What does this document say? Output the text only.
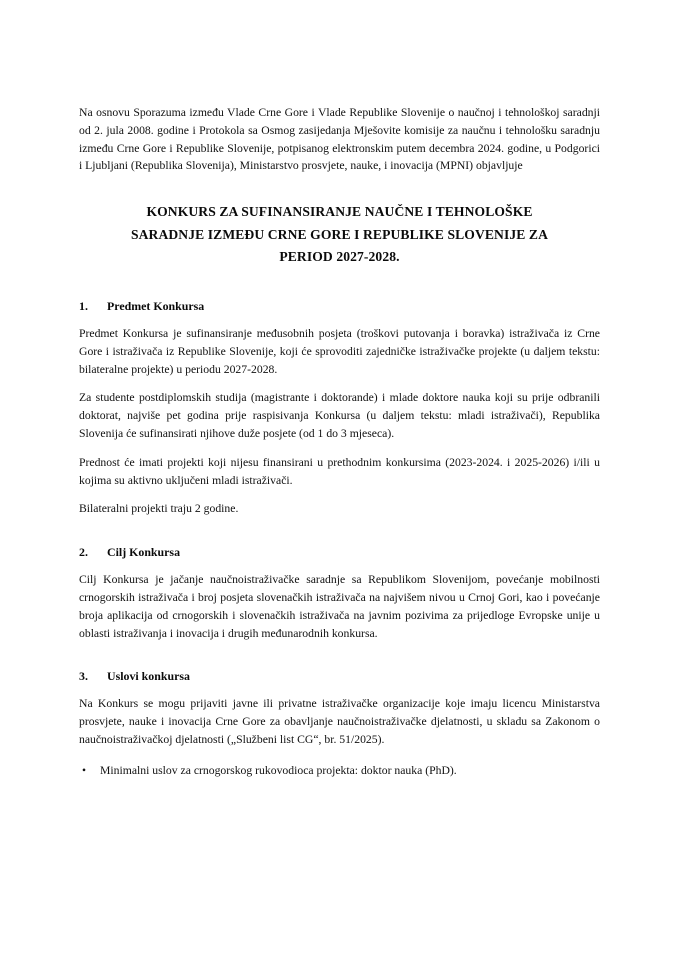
Na osnovu Sporazuma između Vlade Crne Gore i Vlade Republike Slovenije o naučnoj i tehnološkoj saradnji od 2. jula 2008. godine i Protokola sa Osmog zasijedanja Mješovite komisije za naučnu i tehnološku saradnju između Crne Gore i Republike Slovenije, potpisanog elektronskim putem decembra 2024. godine, u Podgorici i Ljubljani (Republika Slovenija), Ministarstvo prosvjete, nauke, i inovacija (MPNI) objavljuje

KONKURS ZA SUFINANSIRANJE NAUČNE I TEHNOLOŠKE
SARADNJE IZMEĐU CRNE GORE I REPUBLIKE SLOVENIJE ZA
PERIOD 2027-2028.
1.	Predmet Konkursa

Predmet Konkursa je sufinansiranje međusobnih posjeta (troškovi putovanja i boravka) istraživača iz Crne Gore i istraživača iz Republike Slovenije, koji će sprovoditi zajedničke istraživačke projekte (u daljem tekstu: bilateralne projekte) u periodu 2027-2028.

Za studente postdiplomskih studija (magistrante i doktorande) i mlade doktore nauka koji su prije odbranili doktorat, najviše pet godina prije raspisivanja Konkursa (u daljem tekstu: mladi istraživači), Republika Slovenija će sufinansirati njihove duže posjete (od 1 do 3 mjeseca).

Prednost će imati projekti koji nijesu finansirani u prethodnim konkursima (2023-2024. i 2025-2026) i/ili u kojima su aktivno uključeni mladi istraživači.

Bilateralni projekti traju 2 godine.

2.	Cilj Konkursa

Cilj Konkursa je jačanje naučnoistraživačke saradnje sa Republikom Slovenijom, povećanje mobilnosti crnogorskih istraživača i broj posjeta slovenačkih istraživača na najvišem nivou u Crnoj Gori, kao i povećanje broja aplikacija od crnogorskih i slovenačkih istraživača na javnim pozivima za prijedloge Evropske unije u oblasti istraživanja i inovacija i drugih međunarodnih konkursa.

3.	Uslovi konkursa

Na Konkurs se mogu prijaviti javne ili privatne istraživačke organizacije koje imaju licencu Ministarstva prosvjete, nauke i inovacija Crne Gore za obavljanje naučnoistraživačke djelatnosti, u skladu sa Zakonom o naučnoistraživačkoj djelatnosti („Službeni list CG“, br. 51/2025).

•	Minimalni uslov za crnogorskog rukovodioca projekta: doktor nauka (PhD).
